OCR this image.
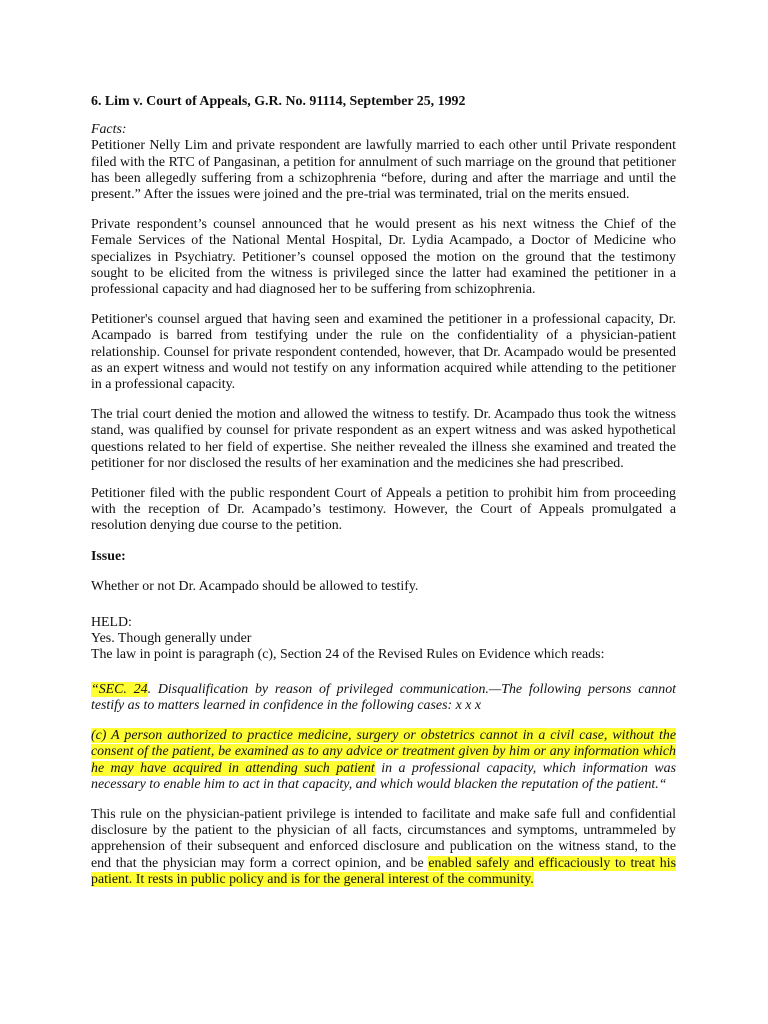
6. Lim v. Court of Appeals, G.R. No. 91114, September 25, 1992
Facts:

Petitioner Nelly Lim and private respondent are lawfully married to each other until Private respondent filed with the RTC of Pangasinan, a petition for annulment of such marriage on the ground that petitioner has been allegedly suffering from a schizophrenia “before, during and after the marriage and until the present.” After the issues were joined and the pre-trial was terminated, trial on the merits ensued.

Private respondent’s counsel announced that he would present as his next witness the Chief of the Female Services of the National Mental Hospital, Dr. Lydia Acampado, a Doctor of Medicine who specializes in Psychiatry. Petitioner’s counsel opposed the motion on the ground that the testimony sought to be elicited from the witness is privileged since the latter had examined the petitioner in a professional capacity and had diagnosed her to be suffering from schizophrenia.

Petitioner's counsel argued that having seen and examined the petitioner in a professional capacity, Dr. Acampado is barred from testifying under the rule on the confidentiality of a physician-patient relationship. Counsel for private respondent contended, however, that Dr. Acampado would be presented as an expert witness and would not testify on any information acquired while attending to the petitioner in a professional capacity.

The trial court denied the motion and allowed the witness to testify. Dr. Acampado thus took the witness stand, was qualified by counsel for private respondent as an expert witness and was asked hypothetical questions related to her field of expertise. She neither revealed the illness she examined and treated the petitioner for nor disclosed the results of her examination and the medicines she had prescribed.

Petitioner filed with the public respondent Court of Appeals a petition to prohibit him from proceeding with the reception of Dr. Acampado’s testimony. However, the Court of Appeals promulgated a resolution denying due course to the petition.

Issue:

Whether or not Dr. Acampado should be allowed to testify.

HELD:

Yes. Though generally under

The law in point is paragraph (c), Section 24 of the Revised Rules on Evidence which reads:

“SEC. 24. Disqualification by reason of privileged communication.—The following persons cannot testify as to matters learned in confidence in the following cases: x x x
(c) A person authorized to practice medicine, surgery or obstetrics cannot in a civil case, without the consent of the patient, be examined as to any advice or treatment given by him or any information which he may have acquired in attending such patient in a professional capacity, which information was necessary to enable him to act in that capacity, and which would blacken the reputation of the patient.“

This rule on the physician-patient privilege is intended to facilitate and make safe full and confidential disclosure by the patient to the physician of all facts, circumstances and symptoms, untrammeled by apprehension of their subsequent and enforced disclosure and publication on the witness stand, to the end that the physician may form a correct opinion, and be enabled safely and efficaciously to treat his patient. It rests in public policy and is for the general interest of the community.
